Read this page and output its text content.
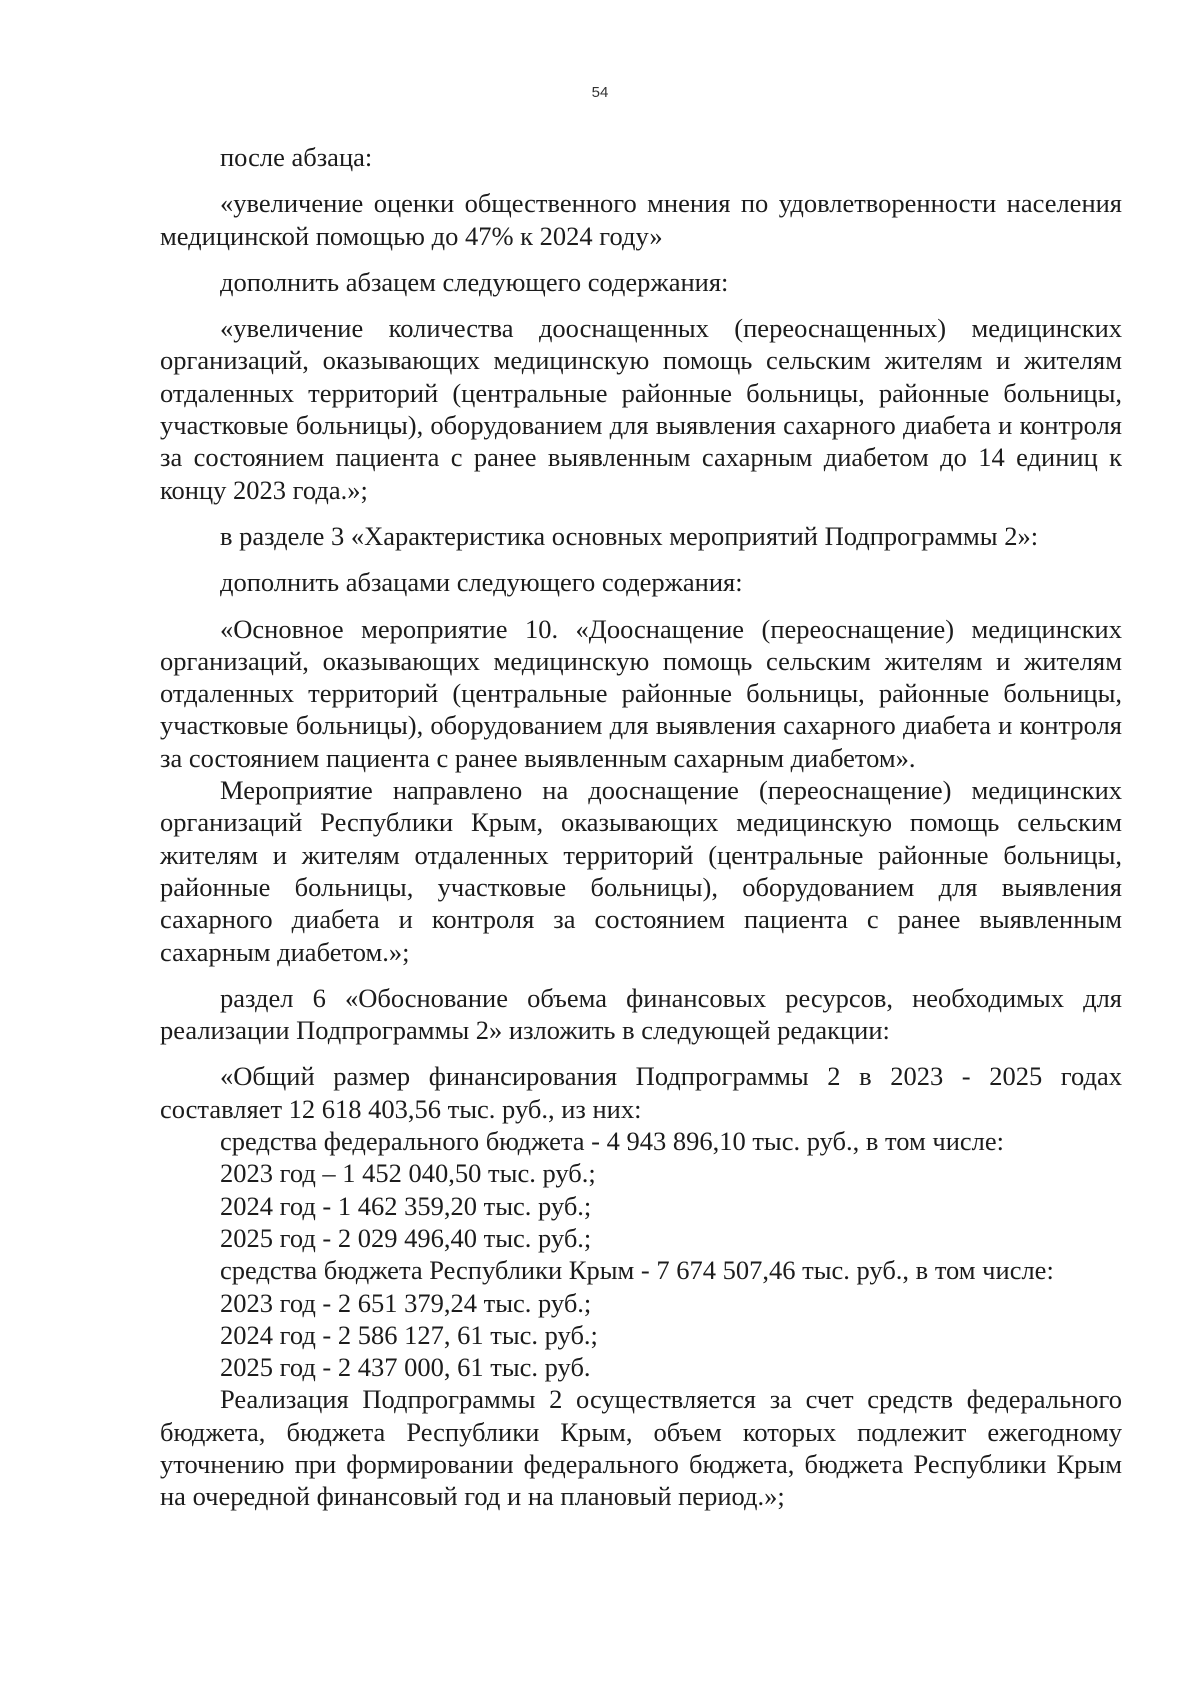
54

после абзаца:

«увеличение оценки общественного мнения по удовлетворенности населения медицинской помощью до 47% к 2024 году»

дополнить абзацем следующего содержания:

«увеличение количества дооснащенных (переоснащенных) медицинских организаций, оказывающих медицинскую помощь сельским жителям и жителям отдаленных территорий (центральные районные больницы, районные больницы, участковые больницы), оборудованием для выявления сахарного диабета и контроля за состоянием пациента с ранее выявленным сахарным диабетом до 14 единиц к концу 2023 года.»;

в разделе 3 «Характеристика основных мероприятий Подпрограммы 2»:

дополнить абзацами следующего содержания:

«Основное мероприятие 10. «Дооснащение (переоснащение) медицинских организаций, оказывающих медицинскую помощь сельским жителям и жителям отдаленных территорий (центральные районные больницы, районные больницы, участковые больницы), оборудованием для выявления сахарного диабета и контроля за состоянием пациента с ранее выявленным сахарным диабетом».

Мероприятие направлено на дооснащение (переоснащение) медицинских организаций Республики Крым, оказывающих медицинскую помощь сельским жителям и жителям отдаленных территорий (центральные районные больницы, районные больницы, участковые больницы), оборудованием для выявления сахарного диабета и контроля за состоянием пациента с ранее выявленным сахарным диабетом.»;

раздел 6 «Обоснование объема финансовых ресурсов, необходимых для реализации Подпрограммы 2» изложить в следующей редакции:

«Общий размер финансирования Подпрограммы 2 в 2023 - 2025 годах составляет 12 618 403,56 тыс. руб., из них:

средства федерального бюджета - 4 943 896,10 тыс. руб., в том числе:

2023 год – 1 452 040,50 тыс. руб.;

2024 год - 1 462 359,20 тыс. руб.;

2025 год - 2 029 496,40 тыс. руб.;

средства бюджета Республики Крым - 7 674 507,46 тыс. руб., в том числе:

2023 год - 2 651 379,24 тыс. руб.;

2024 год - 2 586 127, 61 тыс. руб.;

2025 год - 2 437 000, 61 тыс. руб.

Реализация Подпрограммы 2 осуществляется за счет средств федерального бюджета, бюджета Республики Крым, объем которых подлежит ежегодному уточнению при формировании федерального бюджета, бюджета Республики Крым на очередной финансовый год и на плановый период.»;
